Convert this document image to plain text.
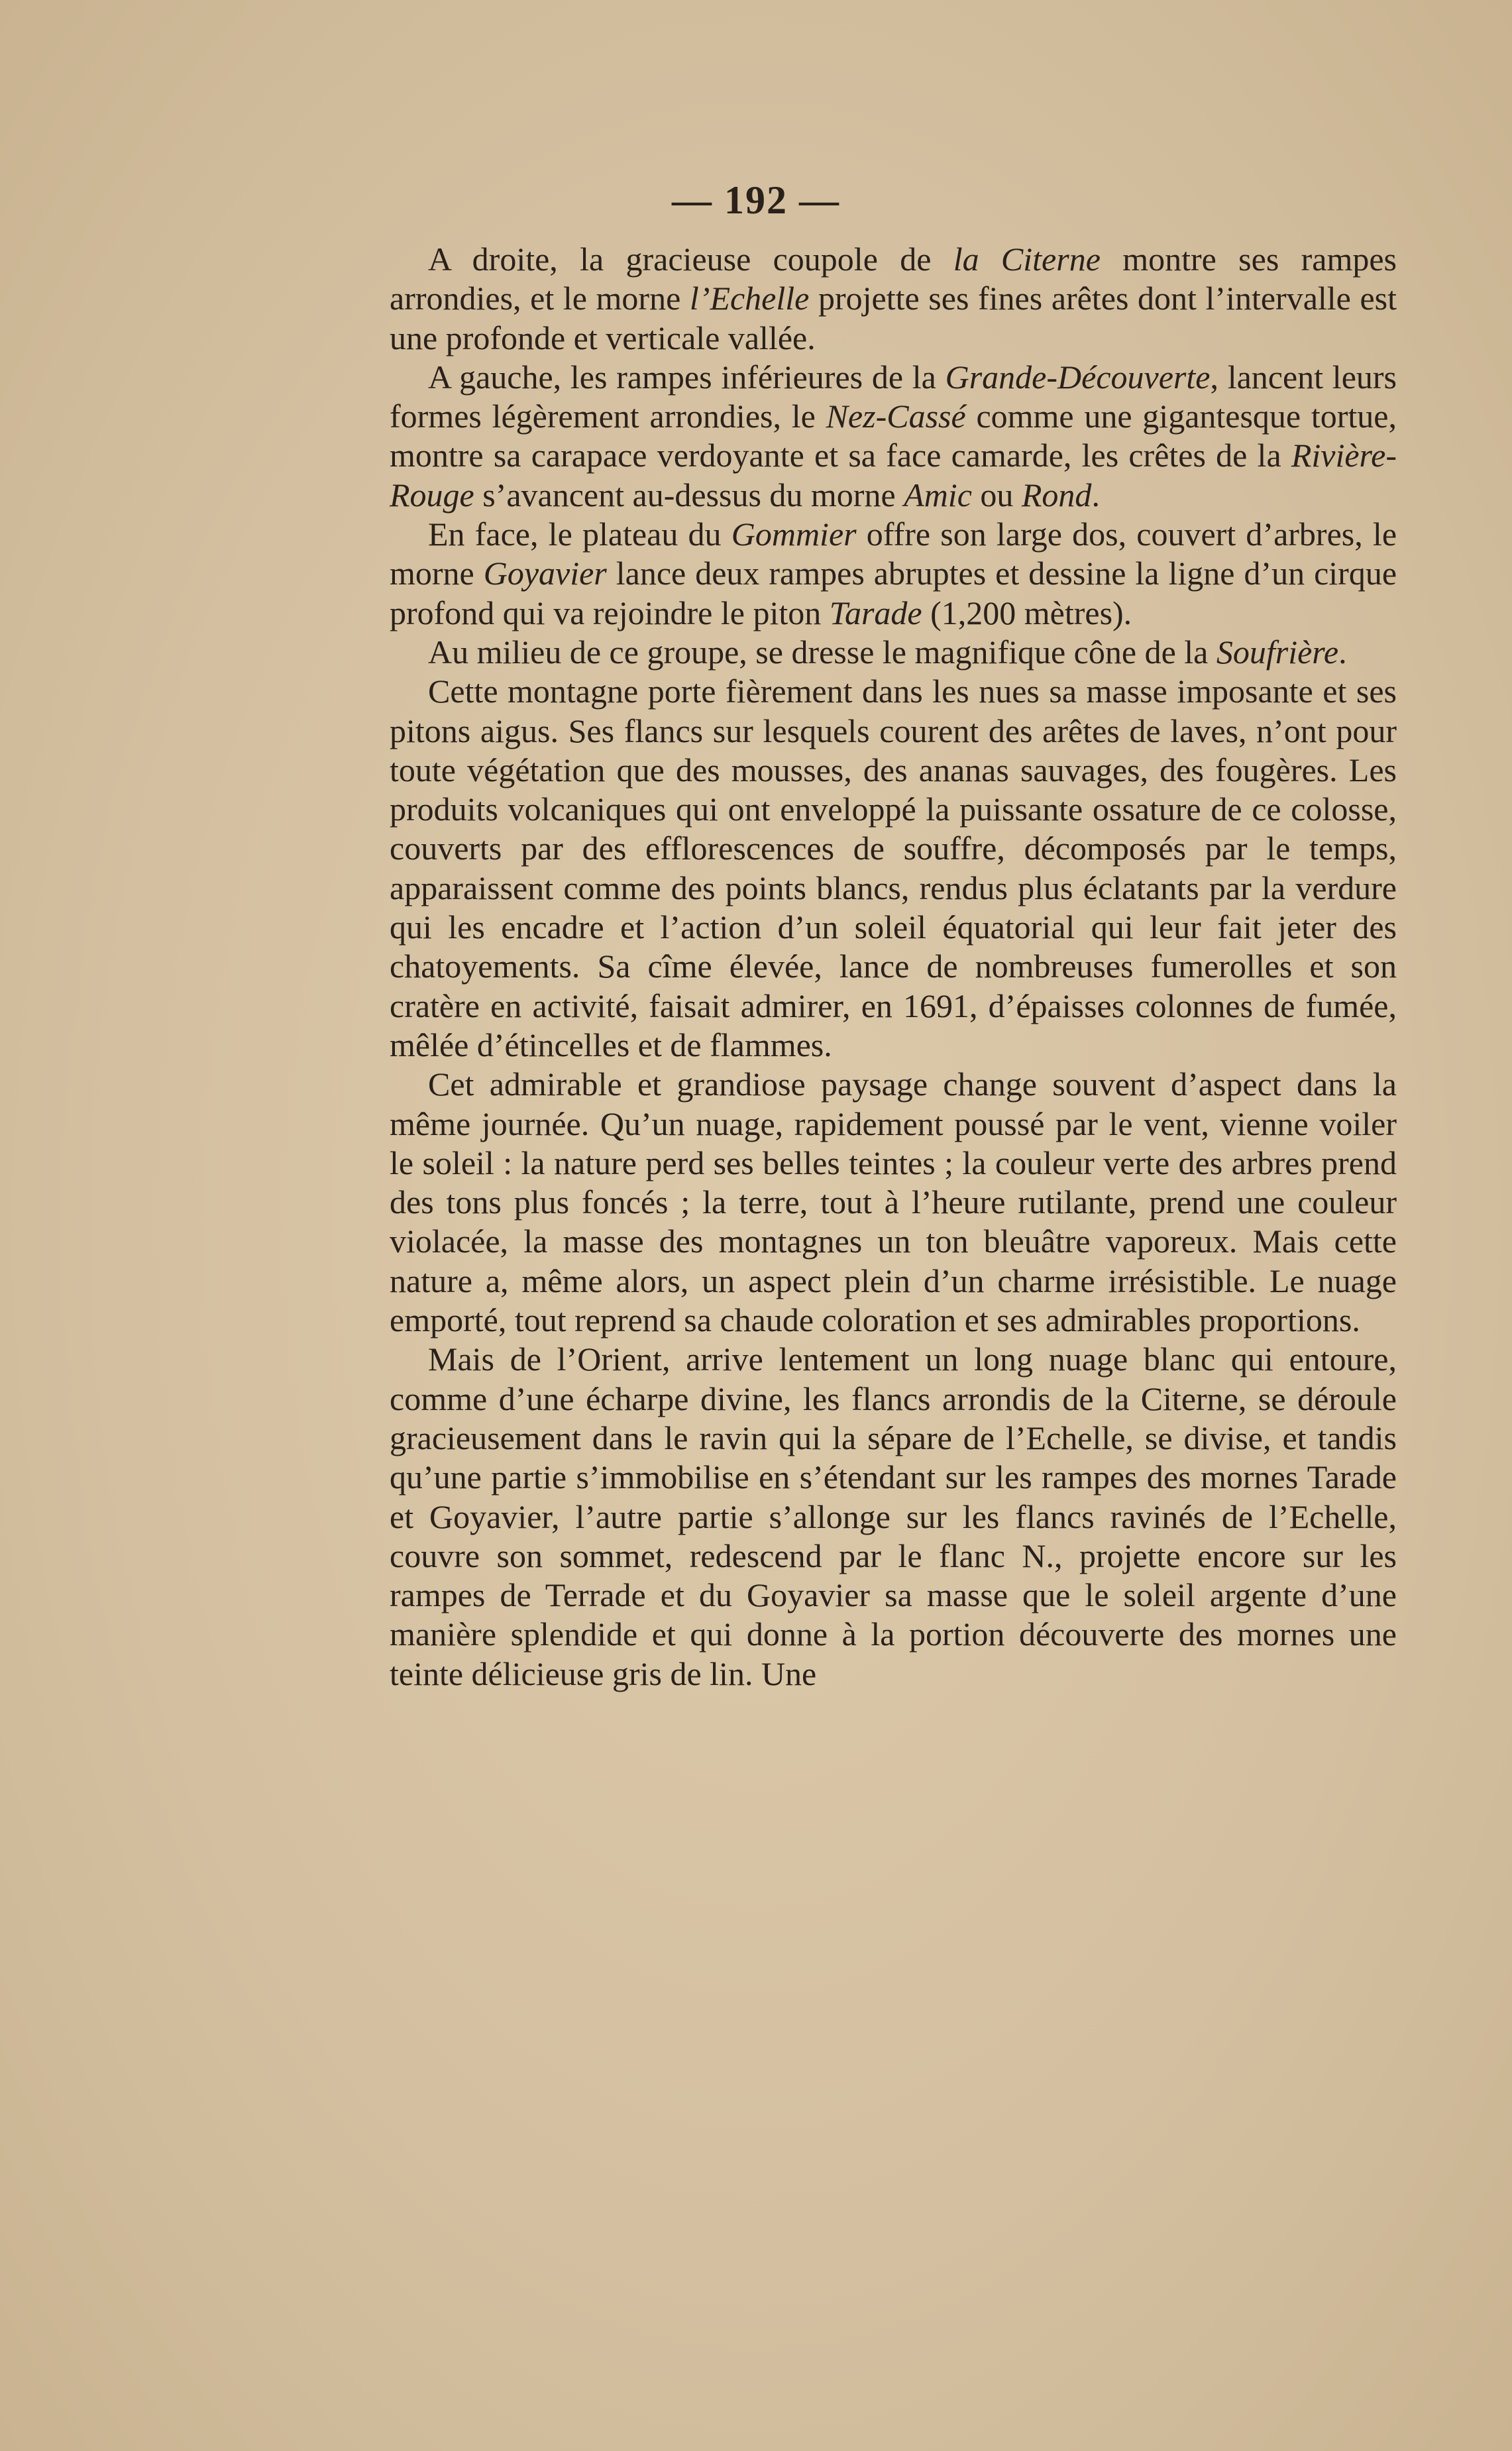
— 192 —

A droite, la gracieuse coupole de la Citerne montre ses rampes arrondies, et le morne l’Echelle projette ses fines arêtes dont l’intervalle est une profonde et verticale vallée.

A gauche, les rampes inférieures de la Grande-Découverte, lancent leurs formes légèrement arrondies, le Nez-Cassé comme une gigantesque tortue, montre sa carapace verdoyante et sa face camarde, les crêtes de la Rivière-Rouge s’avancent au-dessus du morne Amic ou Rond.

En face, le plateau du Gommier offre son large dos, couvert d’arbres, le morne Goyavier lance deux rampes abruptes et dessine la ligne d’un cirque profond qui va rejoindre le piton Tarade (1,200 mètres).

Au milieu de ce groupe, se dresse le magnifique cône de la Soufrière.

Cette montagne porte fièrement dans les nues sa masse imposante et ses pitons aigus. Ses flancs sur lesquels courent des arêtes de laves, n’ont pour toute végétation que des mousses, des ananas sauvages, des fougères. Les produits volcaniques qui ont enveloppé la puissante ossature de ce colosse, couverts par des efflorescences de souffre, décomposés par le temps, apparaissent comme des points blancs, rendus plus éclatants par la verdure qui les encadre et l’action d’un soleil équatorial qui leur fait jeter des chatoyements. Sa cîme élevée, lance de nombreuses fumerolles et son cratère en activité, faisait admirer, en 1691, d’épaisses colonnes de fumée, mêlée d’étincelles et de flammes.

Cet admirable et grandiose paysage change souvent d’aspect dans la même journée. Qu’un nuage, rapidement poussé par le vent, vienne voiler le soleil : la nature perd ses belles teintes ; la couleur verte des arbres prend des tons plus foncés ; la terre, tout à l’heure rutilante, prend une couleur violacée, la masse des montagnes un ton bleuâtre vaporeux. Mais cette nature a, même alors, un aspect plein d’un charme irrésistible. Le nuage emporté, tout reprend sa chaude coloration et ses admirables proportions.

Mais de l’Orient, arrive lentement un long nuage blanc qui entoure, comme d’une écharpe divine, les flancs arrondis de la Citerne, se déroule gracieusement dans le ravin qui la sépare de l’Echelle, se divise, et tandis qu’une partie s’immobilise en s’étendant sur les rampes des mornes Tarade et Goyavier, l’autre partie s’allonge sur les flancs ravinés de l’Echelle, couvre son sommet, redescend par le flanc N., projette encore sur les rampes de Terrade et du Goyavier sa masse que le soleil argente d’une manière splendide et qui donne à la portion découverte des mornes une teinte délicieuse gris de lin. Une
